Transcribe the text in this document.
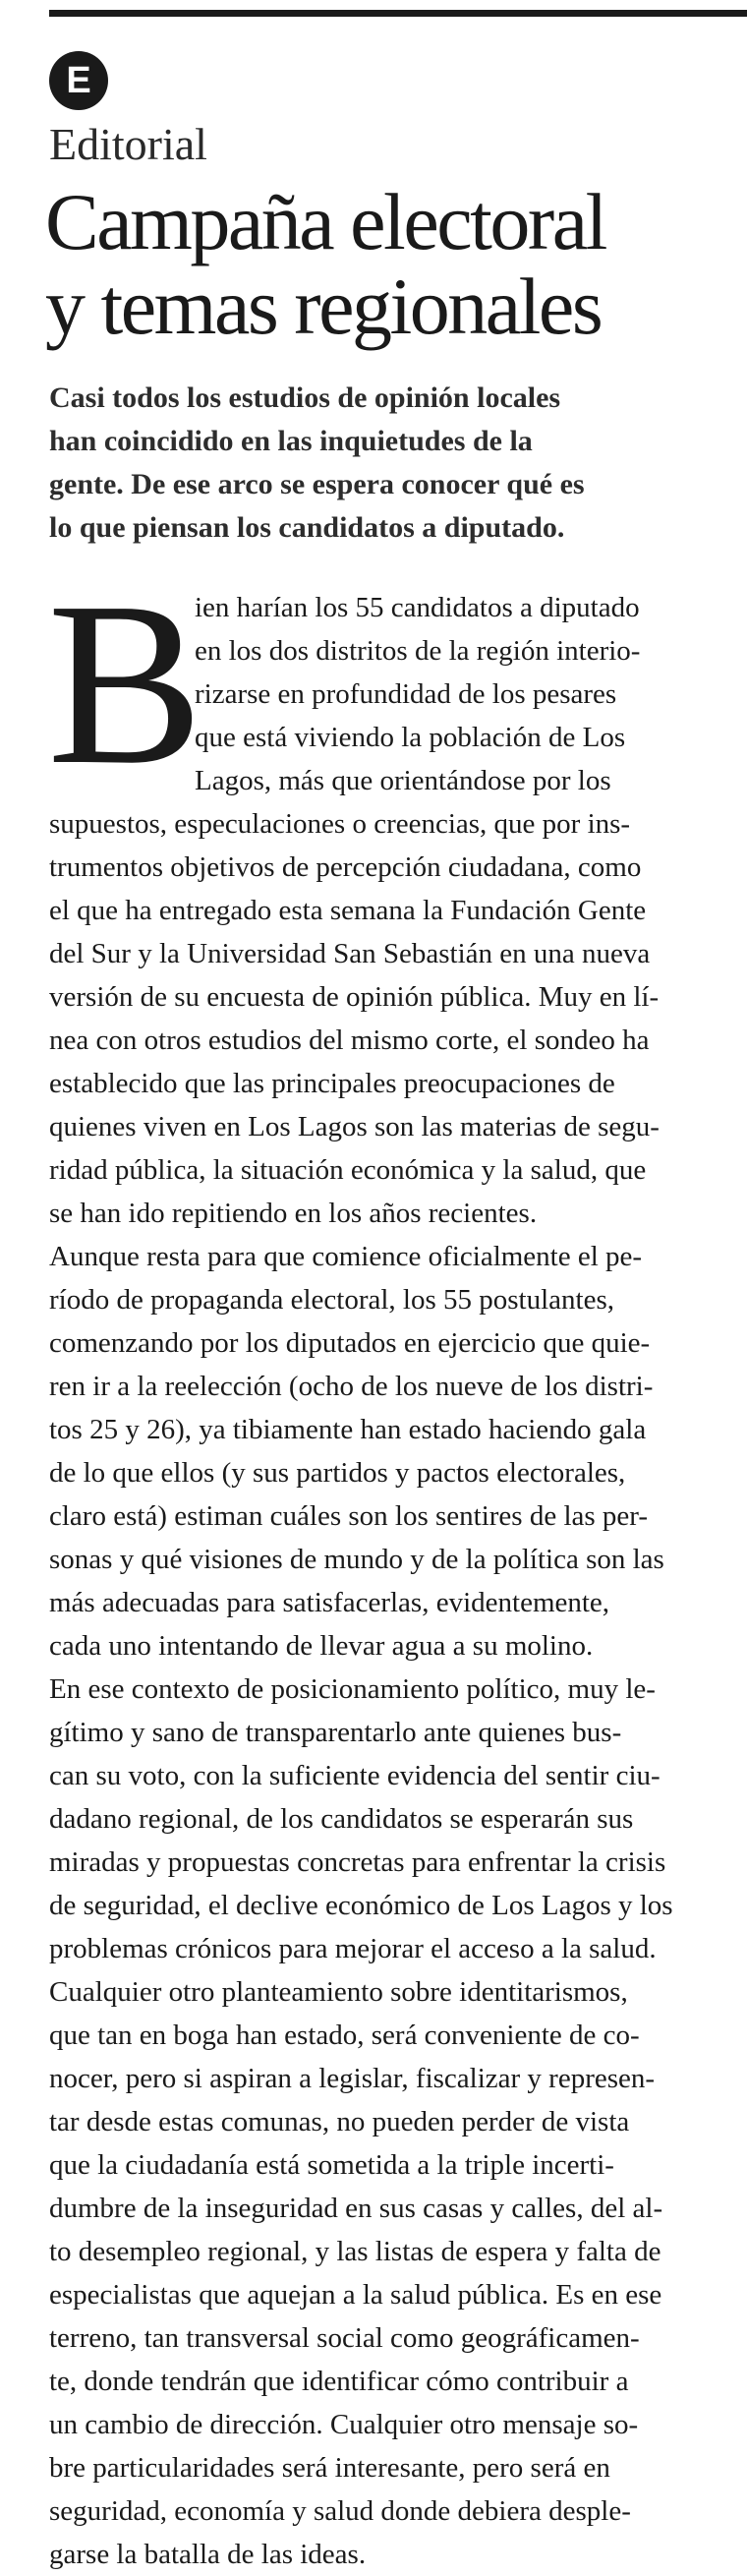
E
Editorial
Campaña electoral
y temas regionales
Casi todos los estudios de opinión locales
han coincidido en las inquietudes de la
gente. De ese arco se espera conocer qué es
lo que piensan los candidatos a diputado.
B
ien harían los 55 candidatos a diputado
en los dos distritos de la región interio-
rizarse en profundidad de los pesares
que está viviendo la población de Los
Lagos, más que orientándose por los
supuestos, especulaciones o creencias, que por ins-
trumentos objetivos de percepción ciudadana, como
el que ha entregado esta semana la Fundación Gente
del Sur y la Universidad San Sebastián en una nueva
versión de su encuesta de opinión pública. Muy en lí-
nea con otros estudios del mismo corte, el sondeo ha
establecido que las principales preocupaciones de
quienes viven en Los Lagos son las materias de segu-
ridad pública, la situación económica y la salud, que
se han ido repitiendo en los años recientes.
Aunque resta para que comience oficialmente el pe-
ríodo de propaganda electoral, los 55 postulantes,
comenzando por los diputados en ejercicio que quie-
ren ir a la reelección (ocho de los nueve de los distri-
tos 25 y 26), ya tibiamente han estado haciendo gala
de lo que ellos (y sus partidos y pactos electorales,
claro está) estiman cuáles son los sentires de las per-
sonas y qué visiones de mundo y de la política son las
más adecuadas para satisfacerlas, evidentemente,
cada uno intentando de llevar agua a su molino.
En ese contexto de posicionamiento político, muy le-
gítimo y sano de transparentarlo ante quienes bus-
can su voto, con la suficiente evidencia del sentir ciu-
dadano regional, de los candidatos se esperarán sus
miradas y propuestas concretas para enfrentar la crisis
de seguridad, el declive económico de Los Lagos y los
problemas crónicos para mejorar el acceso a la salud.
Cualquier otro planteamiento sobre identitarismos,
que tan en boga han estado, será conveniente de co-
nocer, pero si aspiran a legislar, fiscalizar y represen-
tar desde estas comunas, no pueden perder de vista
que la ciudadanía está sometida a la triple incerti-
dumbre de la inseguridad en sus casas y calles, del al-
to desempleo regional, y las listas de espera y falta de
especialistas que aquejan a la salud pública. Es en ese
terreno, tan transversal social como geográficamen-
te, donde tendrán que identificar cómo contribuir a
un cambio de dirección. Cualquier otro mensaje so-
bre particularidades será interesante, pero será en
seguridad, economía y salud donde debiera desple-
garse la batalla de las ideas.
